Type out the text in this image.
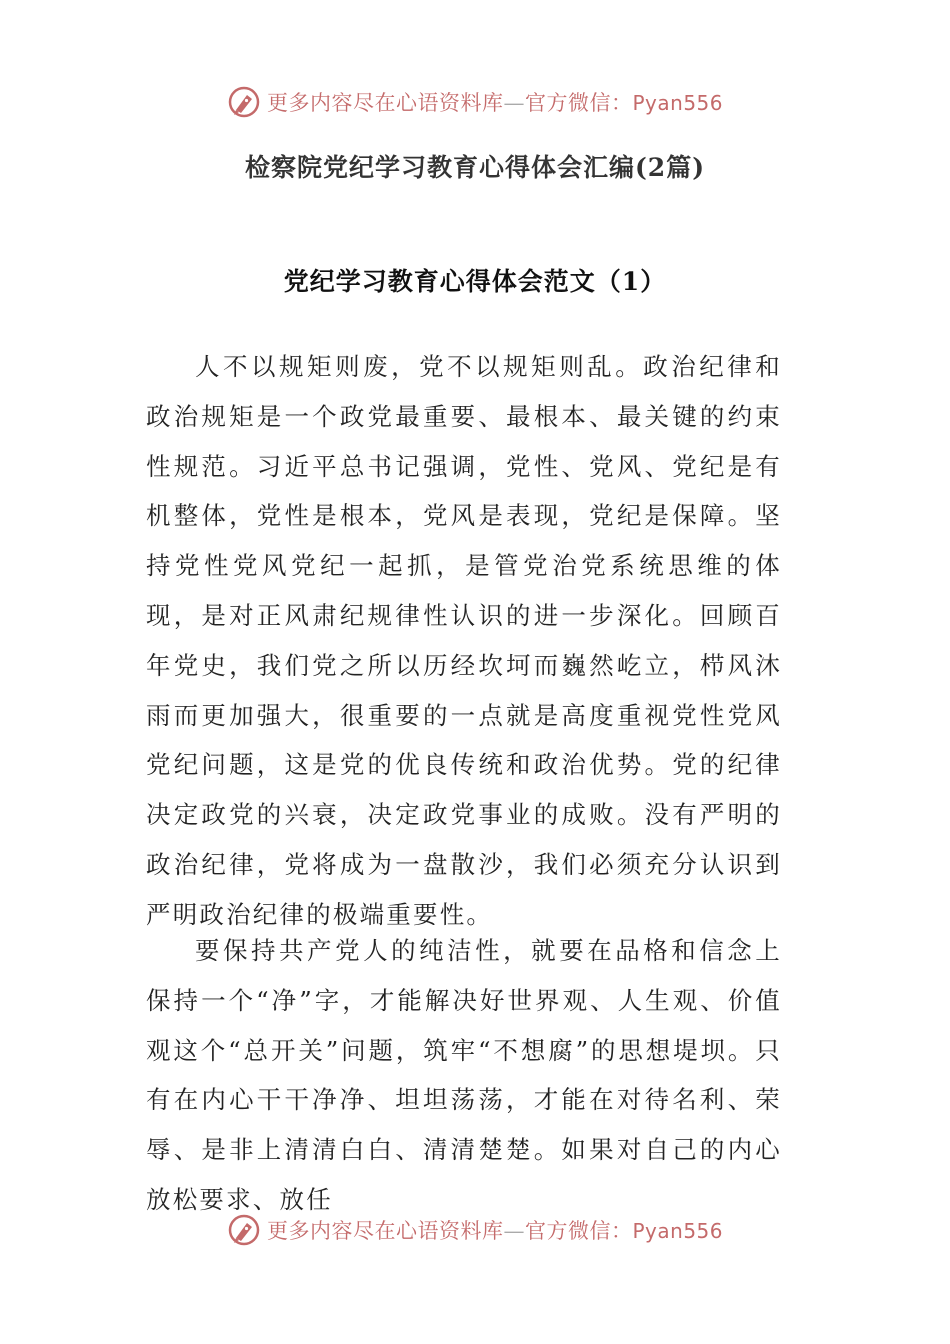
更多内容尽在心语资料库—官方微信：Pyan556
检察院党纪学习教育心得体会汇编(2篇)
党纪学习教育心得体会范文（1）

人不以规矩则废，党不以规矩则乱。政治纪律和政治规矩是一个政党最重要、最根本、最关键的约束性规范。习近平总书记强调，党性、党风、党纪是有机整体，党性是根本，党风是表现，党纪是保障。坚持党性党风党纪一起抓，是管党治党系统思维的体现，是对正风肃纪规律性认识的进一步深化。回顾百年党史，我们党之所以历经坎坷而巍然屹立，栉风沐雨而更加强大，很重要的一点就是高度重视党性党风党纪问题，这是党的优良传统和政治优势。党的纪律决定政党的兴衰，决定政党事业的成败。没有严明的政治纪律，党将成为一盘散沙，我们必须充分认识到严明政治纪律的极端重要性。

要保持共产党人的纯洁性，就要在品格和信念上保持一个“净”字，才能解决好世界观、人生观、价值观这个“总开关”问题，筑牢“不想腐”的思想堤坝。只有在内心干干净净、坦坦荡荡，才能在对待名利、荣辱、是非上清清白白、清清楚楚。如果对自己的内心放松要求、放任

更多内容尽在心语资料库—官方微信：Pyan556
